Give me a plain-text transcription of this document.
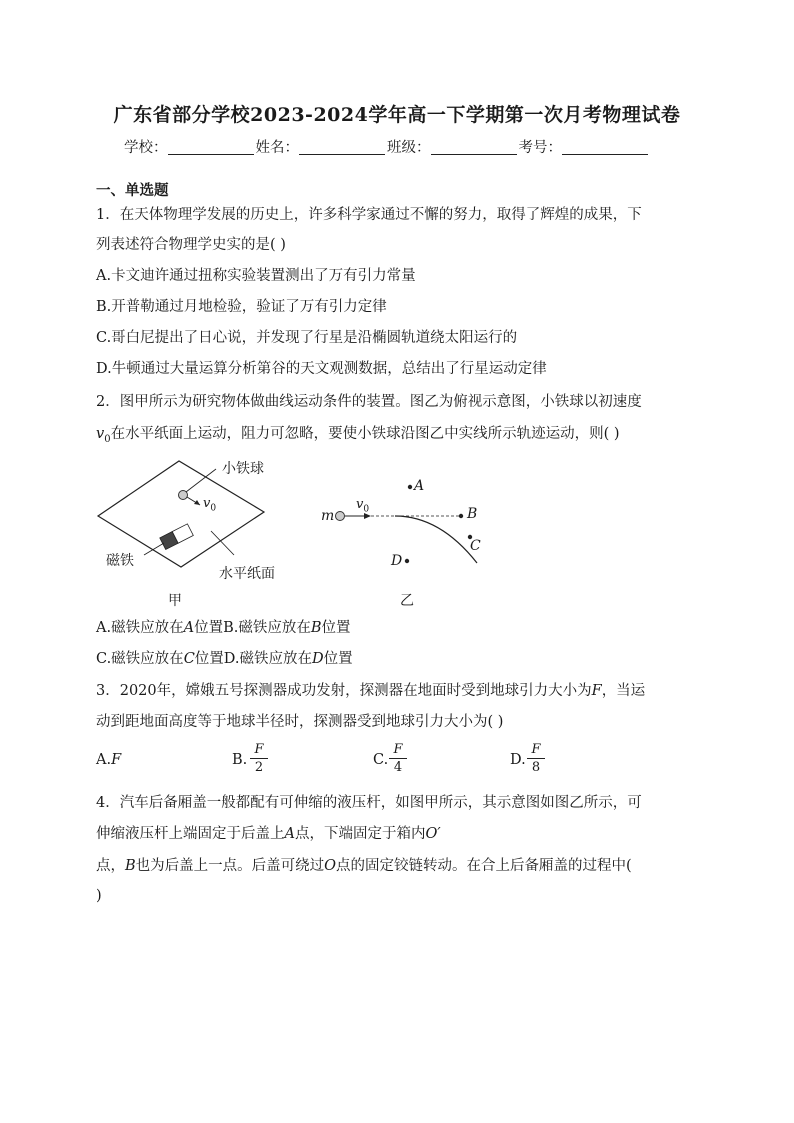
广东省部分学校2023-2024学年高一下学期第一次月考物理试卷
学校：	姓名：	班级：	考号：
一、单选题
1．在天体物理学发展的历史上，许多科学家通过不懈的努力，取得了辉煌的成果，下
列表述符合物理学史实的是( )
A.卡文迪许通过扭称实验装置测出了万有引力常量
B.开普勒通过月地检验，验证了万有引力定律
C.哥白尼提出了日心说，并发现了行星是沿椭圆轨道绕太阳运行的
D.牛顿通过大量运算分析第谷的天文观测数据，总结出了行星运动定律
2．图甲所示为研究物体做曲线运动条件的装置。图乙为俯视示意图，小铁球以初速度
$v_0$在水平纸面上运动，阻力可忽略，要使小铁球沿图乙中实线所示轨迹运动，则( )
小铁球
$v_0$
磁铁
水平纸面
甲
m
$v_0$
A
B
C
D
乙
A.磁铁应放在A位置B.磁铁应放在B位置
C.磁铁应放在C位置D.磁铁应放在D位置
3．2020年，嫦娥五号探测器成功发射，探测器在地面时受到地球引力大小为F，当运
动到距地面高度等于地球半径时，探测器受到地球引力大小为( )
A.F	B.
F
2	C.
F
4	D.
F
8
4．汽车后备厢盖一般都配有可伸缩的液压杆，如图甲所示，其示意图如图乙所示，可
伸缩液压杆上端固定于后盖上A点，下端固定于箱内O′
点，B也为后盖上一点。后盖可绕过O点的固定铰链转动。在合上后备厢盖的过程中(
)
